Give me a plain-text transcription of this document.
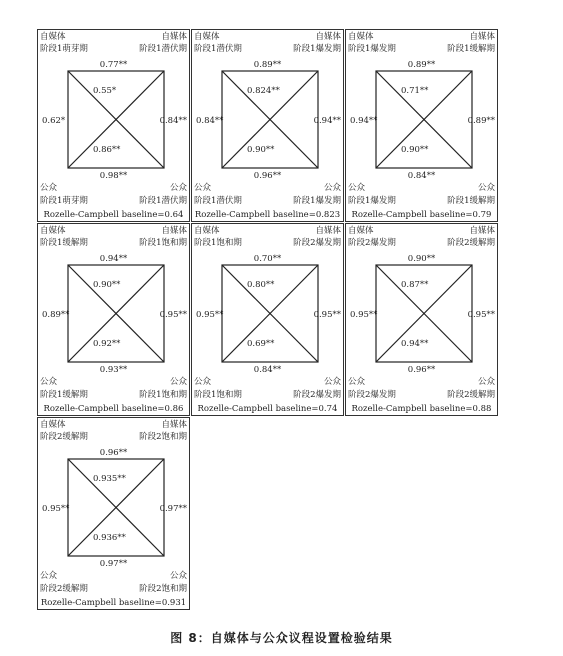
自媒体	自媒体
阶段1萌芽期	阶段1潜伏期
公众	公众
阶段1萌芽期	阶段1潜伏期
Rozelle-Campbell baseline=0.64
0.77**
0.98**
0.62*	0.84**
0.55*
0.86**
自媒体	自媒体
阶段1潜伏期	阶段1爆发期
公众	公众
阶段1潜伏期	阶段1爆发期
Rozelle-Campbell baseline=0.823
0.89**
0.96**
0.84**	0.94**
0.824**
0.90**
自媒体	自媒体
阶段1爆发期	阶段1缓解期
公众	公众
阶段1爆发期	阶段1缓解期
Rozelle-Campbell baseline=0.79
0.89**
0.84**
0.94**	0.89**
0.71**
0.90**
自媒体	自媒体
阶段1缓解期	阶段1饱和期
公众	公众
阶段1缓解期	阶段1饱和期
Rozelle-Campbell baseline=0.86
0.94**
0.93**
0.89**	0.95**
0.90**
0.92**
自媒体	自媒体
阶段1饱和期	阶段2爆发期
公众	公众
阶段1饱和期	阶段2爆发期
Rozelle-Campbell baseline=0.74
0.70**
0.84**
0.95**	0.95**
0.80**
0.69**
自媒体	自媒体
阶段2爆发期	阶段2缓解期
公众	公众
阶段2爆发期	阶段2缓解期
Rozelle-Campbell baseline=0.88
0.90**
0.96**
0.95**	0.95**
0.87**
0.94**
自媒体	自媒体
阶段2缓解期	阶段2饱和期
公众	公众
阶段2缓解期	阶段2饱和期
Rozelle-Campbell baseline=0.931
0.96**
0.97**
0.95**	0.97**
0.935**
0.936**
图 8：自媒体与公众议程设置检验结果
